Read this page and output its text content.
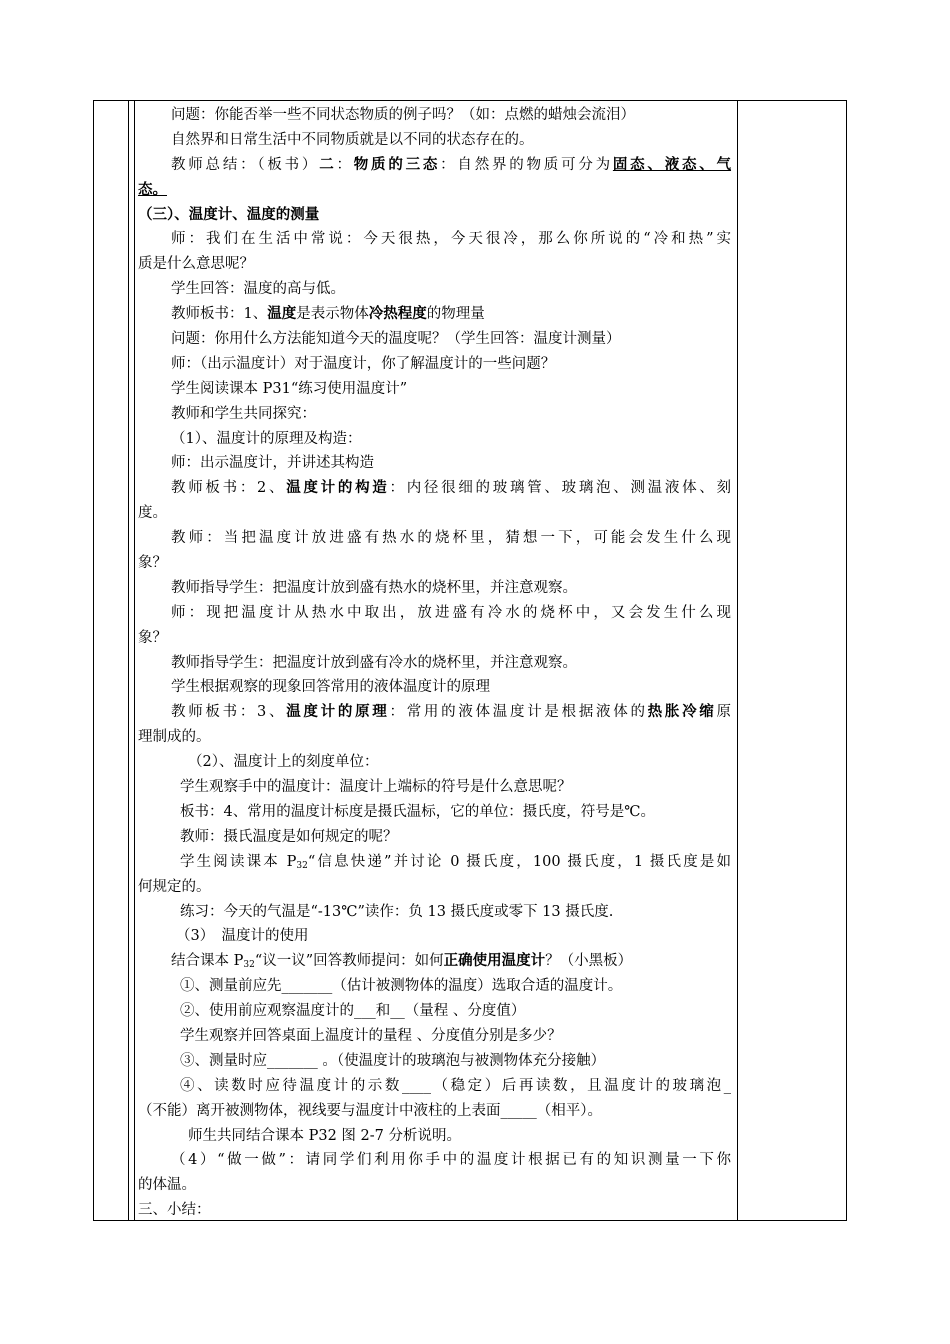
问题：你能否举一些不同状态物质的例子吗？（如：点燃的蜡烛会流泪）
自然界和日常生活中不同物质就是以不同的状态存在的。
教师总结：（板书）二：物质的三态：自然界的物质可分为固态、液态、气
态。
（三）、温度计、温度的测量
师：我们在生活中常说：今天很热，今天很冷，那么你所说的“冷和热”实
质是什么意思呢？
学生回答：温度的高与低。
教师板书：1、温度是表示物体冷热程度的物理量
问题：你用什么方法能知道今天的温度呢？（学生回答：温度计测量）
师：（出示温度计）对于温度计，你了解温度计的一些问题？
学生阅读课本 P31“练习使用温度计”
教师和学生共同探究：
（1）、温度计的原理及构造：
师：出示温度计，并讲述其构造
教师板书：2、温度计的构造：内径很细的玻璃管、玻璃泡、测温液体、刻
度。
教师：当把温度计放进盛有热水的烧杯里，猜想一下，可能会发生什么现
象？
教师指导学生：把温度计放到盛有热水的烧杯里，并注意观察。
师：现把温度计从热水中取出，放进盛有冷水的烧杯中，又会发生什么现
象？
教师指导学生：把温度计放到盛有冷水的烧杯里，并注意观察。
学生根据观察的现象回答常用的液体温度计的原理
教师板书：3、温度计的原理：常用的液体温度计是根据液体的热胀冷缩原
理制成的。
（2）、温度计上的刻度单位：
学生观察手中的温度计：温度计上端标的符号是什么意思呢？
板书：4、常用的温度计标度是摄氏温标，它的单位：摄氏度，符号是℃。
教师：摄氏温度是如何规定的呢？
学生阅读课本 $P_{32}“$信息快递”并讨论 0 摄氏度，100 摄氏度，1 摄氏度是如
何规定的。
练习：今天的气温是“-13℃”读作：负 13 摄氏度或零下 13 摄氏度.
（3）　温度计的使用
结合课本 $P_{32}“$议一议”回答教师提问：如何正确使用温度计？（小黑板）
①、测量前应先_______（估计被测物体的温度）选取合适的温度计。
②、使用前应观察温度计的___和__（量程 、分度值）
学生观察并回答桌面上温度计的量程 、分度值分别是多少？
③、测量时应_______ 。（使温度计的玻璃泡与被测物体充分接触）
④、读数时应待温度计的示数____（稳定）后再读数，且温度计的玻璃泡_
（不能）离开被测物体，视线要与温度计中液柱的上表面_____（相平）。
师生共同结合课本 P32 图 2-7 分析说明。
（4）“做一做”：请同学们利用你手中的温度计根据已有的知识测量一下你
的体温。
三、小结：
